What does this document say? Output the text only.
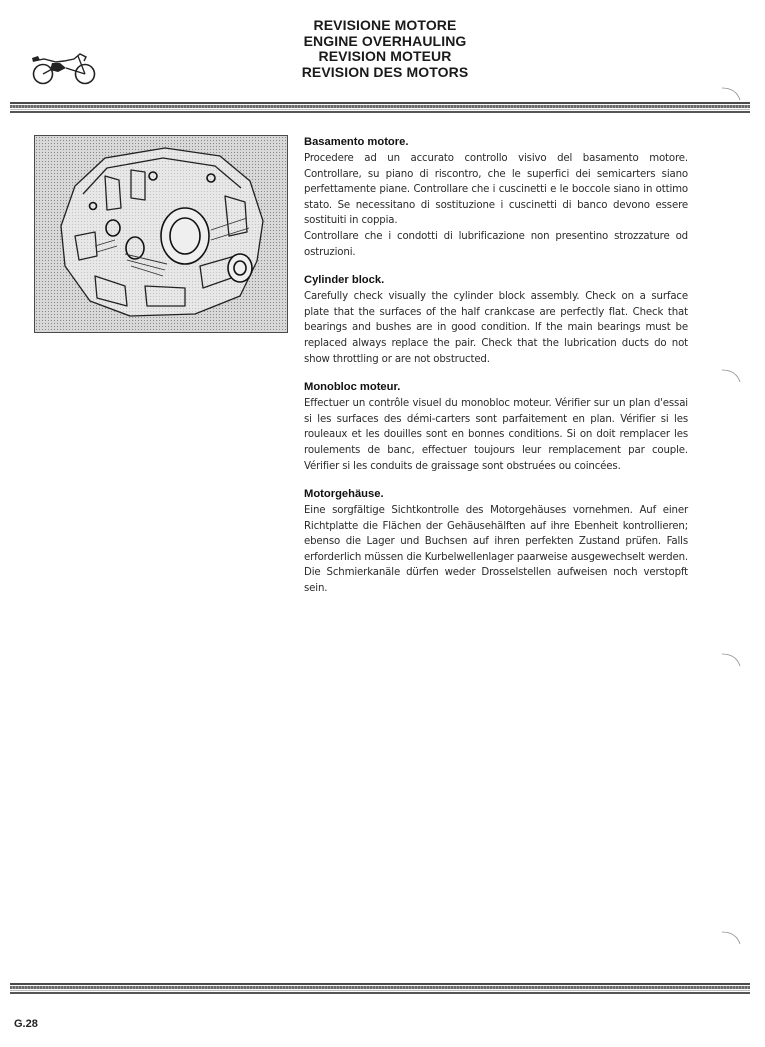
REVISIONE MOTORE
ENGINE OVERHAULING
REVISION MOTEUR
REVISION DES MOTORS
Basamento motore.

Procedere ad un accurato controllo visivo del basamento motore. Controllare, su piano di riscontro, che le superfici dei semicarters siano perfettamente piane. Controllare che i cuscinetti e le boccole siano in ottimo stato. Se necessitano di sostituzione i cuscinetti di banco devono essere sostituiti in coppia.

Controllare che i condotti di lubrificazione non presentino strozzature od ostruzioni.

Cylinder block.

Carefully check visually the cylinder block assembly. Check on a surface plate that the surfaces of the half crankcase are perfectly flat. Check that bearings and bushes are in good condition. If the main bearings must be replaced always replace the pair. Check that the lubrication ducts do not show throttling or are not obstructed.

Monobloc moteur.

Effectuer un contrôle visuel du monobloc moteur. Vérifier sur un plan d'essai si les surfaces des démi-carters sont parfaitement en plan. Vérifier si les rouleaux et les douilles sont en bonnes conditions. Si on doit remplacer les roulements de banc, effectuer toujours leur remplacement par couple. Vérifier si les conduits de graissage sont obstruées ou coincées.

Motorgehäuse.

Eine sorgfältige Sichtkontrolle des Motorgehäuses vornehmen. Auf einer Richtplatte die Flächen der Gehäusehälften auf ihre Ebenheit kontrollieren; ebenso die Lager und Buchsen auf ihren perfekten Zustand prüfen. Falls erforderlich müssen die Kurbelwellenlager paarweise ausgewechselt werden. Die Schmierkanäle dürfen weder Drosselstellen aufweisen noch verstopft sein.

G.28
